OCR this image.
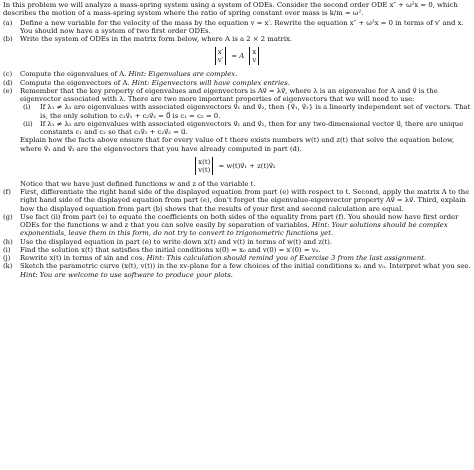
In this problem we will analyze a mass-spring system using a system of ODEs. Consider the second order ODE x″ + ω²x = 0, which describes the motion of a mass-spring system where the ratio of spring constant over mass is k/m = ω².

(a) Define a new variable for the velocity of the mass by the equation v = x′. Rewrite the equation x″ + ω²x = 0 in terms of v′ and x. You should now have a system of two first order ODEs.
(b) Write the system of ODEs in the matrix form below, where A is a 2 × 2 matrix.
x′
v′ = A x
v
(c) Compute the eigenvalues of A. Hint: Eigenvalues are complex.
(d) Compute the eigenvectors of A. Hint: Eigenvectors will have complex entries.
(e) Remember that the key property of eigenvalues and eigenvectors is Av⃗ = λv⃗, where λ is an eigenvalue for A and v⃗ is the eigenvector associated with λ. There are two more important properties of eigenvectors that we will need to use:
(i) If λ₁ ≠ λ₂ are eigenvalues with associated eigenvectors v⃗₁ and v⃗₂, then {v⃗₁, v⃗₂} is a linearly independent set of vectors. That is, the only solution to c₁v⃗₁ + c₂v⃗₂ = 0⃗ is c₁ = c₂ = 0.
(ii) If λ₁ ≠ λ₂ are eigenvalues with associated eigenvectors v⃗₁ and v⃗₂, then for any two-dimensional vector u⃗, there are unique constants c₁ and c₂ so that c₁v⃗₁ + c₂v⃗₂ = u⃗.

Explain how the facts above ensure that for every value of t there exists numbers w(t) and z(t) that solve the equation below, where v⃗₁ and v⃗₂ are the eigenvectors that you have already computed in part (d).

x(t)
v(t) = w(t)v⃗₁ + z(t)v⃗₂

Notice that we have just defined functions w and z of the variable t.

(f) First, differentiate the right hand side of the displayed equation from part (e) with respect to t. Second, apply the matrix A to the right hand side of the displayed equation from part (e), don’t forget the eigenvalue-eigenvector property Av⃗ = λv⃗. Third, explain how the displayed equation from part (b) shows that the results of your first and second calculation are equal.
(g) Use fact (ii) from part (e) to equate the coefficients on both sides of the equality from part (f). You should now have first order ODEs for the functions w and z that you can solve easily by separation of variables. Hint: Your solutions should be complex exponentials, leave them in this form, do not try to convert to trigonometric functions yet.
(h) Use the displayed equation in part (e) to write down x(t) and v(t) in terms of w(t) and z(t).
(i) Find the solution x(t) that satisfies the initial conditions x(0) = x₀ and v(0) = x′(0) = v₀.
(j) Rewrite x(t) in terms of sin and cos. Hint: This calculation should remind you of Exercise 3 from the last assignment.
(k) Sketch the parametric curve (x(t), v(t)) in the xv-plane for a few choices of the initial conditions x₀ and v₀. Interpret what you see. Hint: You are welcome to use software to produce your plots.
